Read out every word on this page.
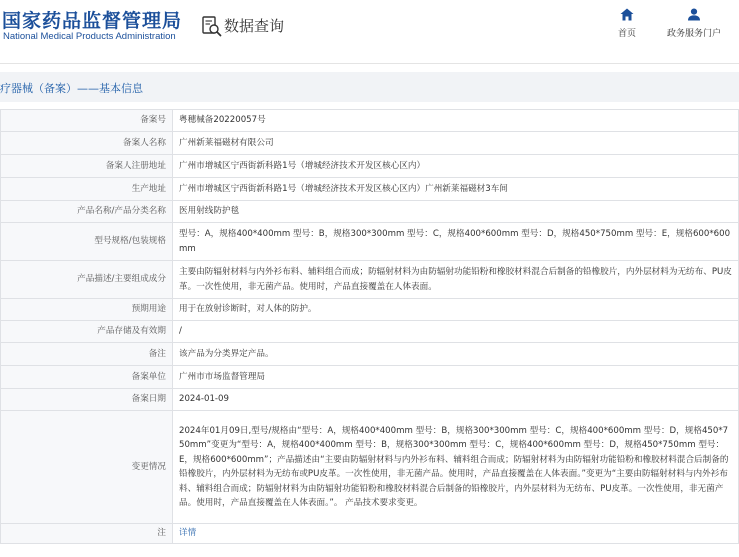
国家药品监督管理局
National Medical Products Administration
数据查询	首页	政务服务门户
疗器械（备案）——基本信息
备案号	粤穗械备20220057号
备案人名称	广州新莱福磁材有限公司
备案人注册地址	广州市增城区宁西街新科路1号（增城经济技术开发区核心区内）
生产地址	广州市增城区宁西街新科路1号（增城经济技术开发区核心区内）广州新莱福磁材3车间
产品名称/产品分类名称	医用射线防护毯
型号规格/包装规格	型号：A，规格400*400mm 型号：B，规格300*300mm 型号：C，规格400*600mm 型号：D，规格450*750mm 型号：E，规格600*600mm
产品描述/主要组成成分	主要由防辐射材料与内外衫布料、辅料组合而成；防辐射材料为由防辐射功能铅粉和橡胶材料混合后制备的铅橡胶片，内外层材料为无纺布、PU皮革。一次性使用，非无菌产品。使用时，产品直接覆盖在人体表面。
预期用途	用于在放射诊断时，对人体的防护。
产品存储及有效期	/
备注	该产品为分类界定产品。
备案单位	广州市市场监督管理局
备案日期	2024-01-09
变更情况	2024年01月09日,型号/规格由“型号：A，规格400*400mm 型号：B，规格300*300mm 型号：C，规格400*600mm 型号：D，规格450*750mm”变更为“型号：A，规格400*400mm 型号：B，规格300*300mm 型号：C，规格400*600mm 型号：D，规格450*750mm 型号：E，规格600*600mm”；产品描述由“主要由防辐射材料与内外衫布料、辅料组合而成；防辐射材料为由防辐射功能铅粉和橡胶材料混合后制备的铅橡胶片，内外层材料为无纺布或PU皮革。一次性使用，非无菌产品。使用时，产品直接覆盖在人体表面。”变更为“主要由防辐射材料与内外衫布料、辅料组合而成；防辐射材料为由防辐射功能铅粉和橡胶材料混合后制备的铅橡胶片，内外层材料为无纺布、PU皮革。一次性使用，非无菌产品。使用时，产品直接覆盖在人体表面。”。 产品技术要求变更。
注	详情
